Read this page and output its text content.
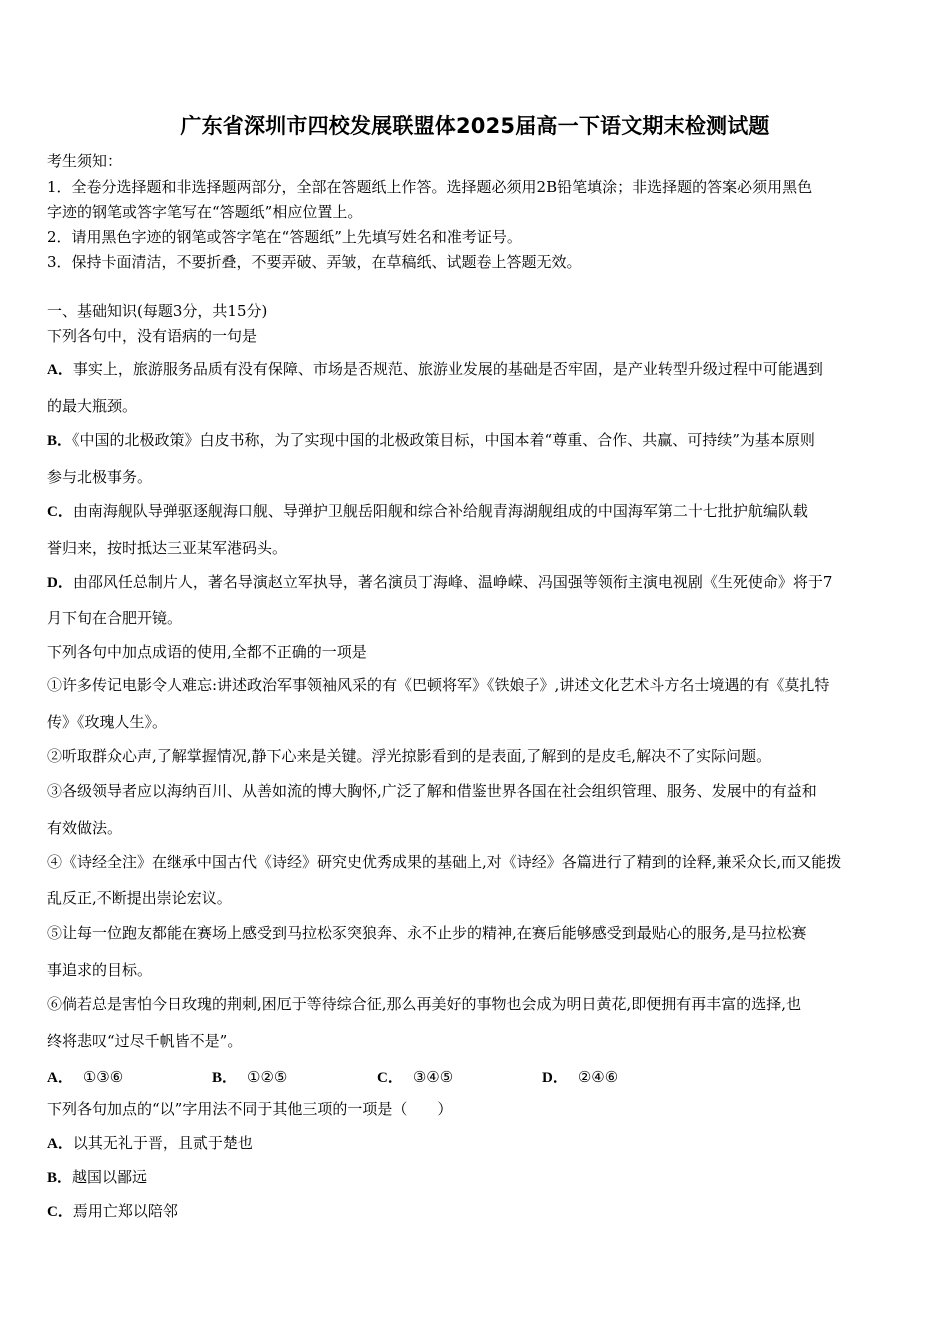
广东省深圳市四校发展联盟体2025届高一下语文期末检测试题
考生须知：
1．全卷分选择题和非选择题两部分，全部在答题纸上作答。选择题必须用2B铅笔填涂；非选择题的答案必须用黑色
字迹的钢笔或答字笔写在“答题纸”相应位置上。
2．请用黑色字迹的钢笔或答字笔在“答题纸”上先填写姓名和准考证号。
3．保持卡面清洁，不要折叠，不要弄破、弄皱，在草稿纸、试题卷上答题无效。
一、基础知识(每题3分，共15分)
下列各句中，没有语病的一句是
A．事实上，旅游服务品质有没有保障、市场是否规范、旅游业发展的基础是否牢固，是产业转型升级过程中可能遇到
的最大瓶颈。
B．《中国的北极政策》白皮书称，为了实现中国的北极政策目标，中国本着“尊重、合作、共赢、可持续”为基本原则
参与北极事务。
C．由南海舰队导弹驱逐舰海口舰、导弹护卫舰岳阳舰和综合补给舰青海湖舰组成的中国海军第二十七批护航编队载
誉归来，按时抵达三亚某军港码头。
D．由邵风任总制片人，著名导演赵立军执导，著名演员丁海峰、温峥嵘、冯国强等领衔主演电视剧《生死使命》将于7
月下旬在合肥开镜。
下列各句中加点成语的使用,全都不正确的一项是
①许多传记电影令人难忘:讲述政治军事领袖风采的有《巴顿将军》《铁娘子》,讲述文化艺术斗方名士境遇的有《莫扎特
传》《玫瑰人生》。
②听取群众心声,了解掌握情况,静下心来是关键。浮光掠影看到的是表面,了解到的是皮毛,解决不了实际问题。
③各级领导者应以海纳百川、从善如流的博大胸怀,广泛了解和借鉴世界各国在社会组织管理、服务、发展中的有益和
有效做法。
④《诗经全注》在继承中国古代《诗经》研究史优秀成果的基础上,对《诗经》各篇进行了精到的诠释,兼采众长,而又能拨
乱反正,不断提出崇论宏议。
⑤让每一位跑友都能在赛场上感受到马拉松豕突狼奔、永不止步的精神,在赛后能够感受到最贴心的服务,是马拉松赛
事追求的目标。
⑥倘若总是害怕今日玫瑰的荆刺,困厄于等待综合征,那么再美好的事物也会成为明日黄花,即便拥有再丰富的选择,也
终将悲叹“过尽千帆皆不是”。
A． ①③⑥	B． ①②⑤	C． ③④⑤	D． ②④⑥
下列各句加点的“以”字用法不同于其他三项的一项是（　　）
A．以其无礼于晋，且贰于楚也
B．越国以鄙远
C．焉用亡郑以陪邻
